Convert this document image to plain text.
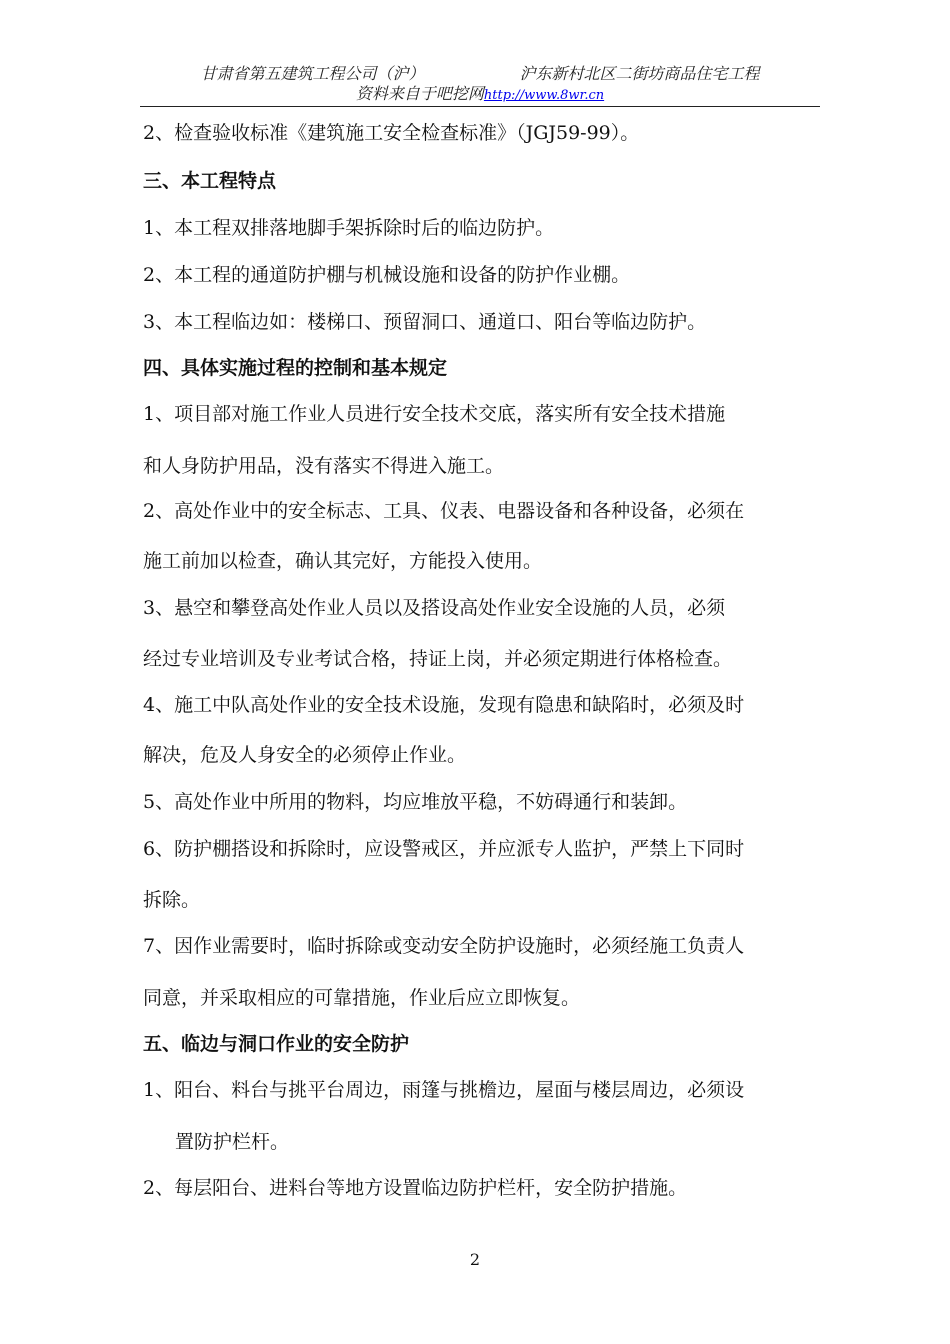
甘肃省第五建筑工程公司（沪）	沪东新村北区二街坊商品住宅工程
资料来自于吧挖网http://www.8wr.cn

2、检查验收标准《建筑施工安全检查标准》（JGJ59-99）。

三、本工程特点

1、本工程双排落地脚手架拆除时后的临边防护。

2、本工程的通道防护棚与机械设施和设备的防护作业棚。

3、本工程临边如：楼梯口、预留洞口、通道口、阳台等临边防护。

四、具体实施过程的控制和基本规定

1、项目部对施工作业人员进行安全技术交底，落实所有安全技术措施

和人身防护用品，没有落实不得进入施工。

2、高处作业中的安全标志、工具、仪表、电器设备和各种设备，必须在

施工前加以检查，确认其完好，方能投入使用。

3、悬空和攀登高处作业人员以及搭设高处作业安全设施的人员，必须

经过专业培训及专业考试合格，持证上岗，并必须定期进行体格检查。

4、施工中队高处作业的安全技术设施，发现有隐患和缺陷时，必须及时

解决，危及人身安全的必须停止作业。

5、高处作业中所用的物料，均应堆放平稳，不妨碍通行和装卸。

6、防护棚搭设和拆除时，应设警戒区，并应派专人监护，严禁上下同时

拆除。

7、因作业需要时，临时拆除或变动安全防护设施时，必须经施工负责人

同意，并采取相应的可靠措施，作业后应立即恢复。

五、临边与洞口作业的安全防护

1、阳台、料台与挑平台周边，雨篷与挑檐边，屋面与楼层周边，必须设

置防护栏杆。

2、每层阳台、进料台等地方设置临边防护栏杆，安全防护措施。

2
